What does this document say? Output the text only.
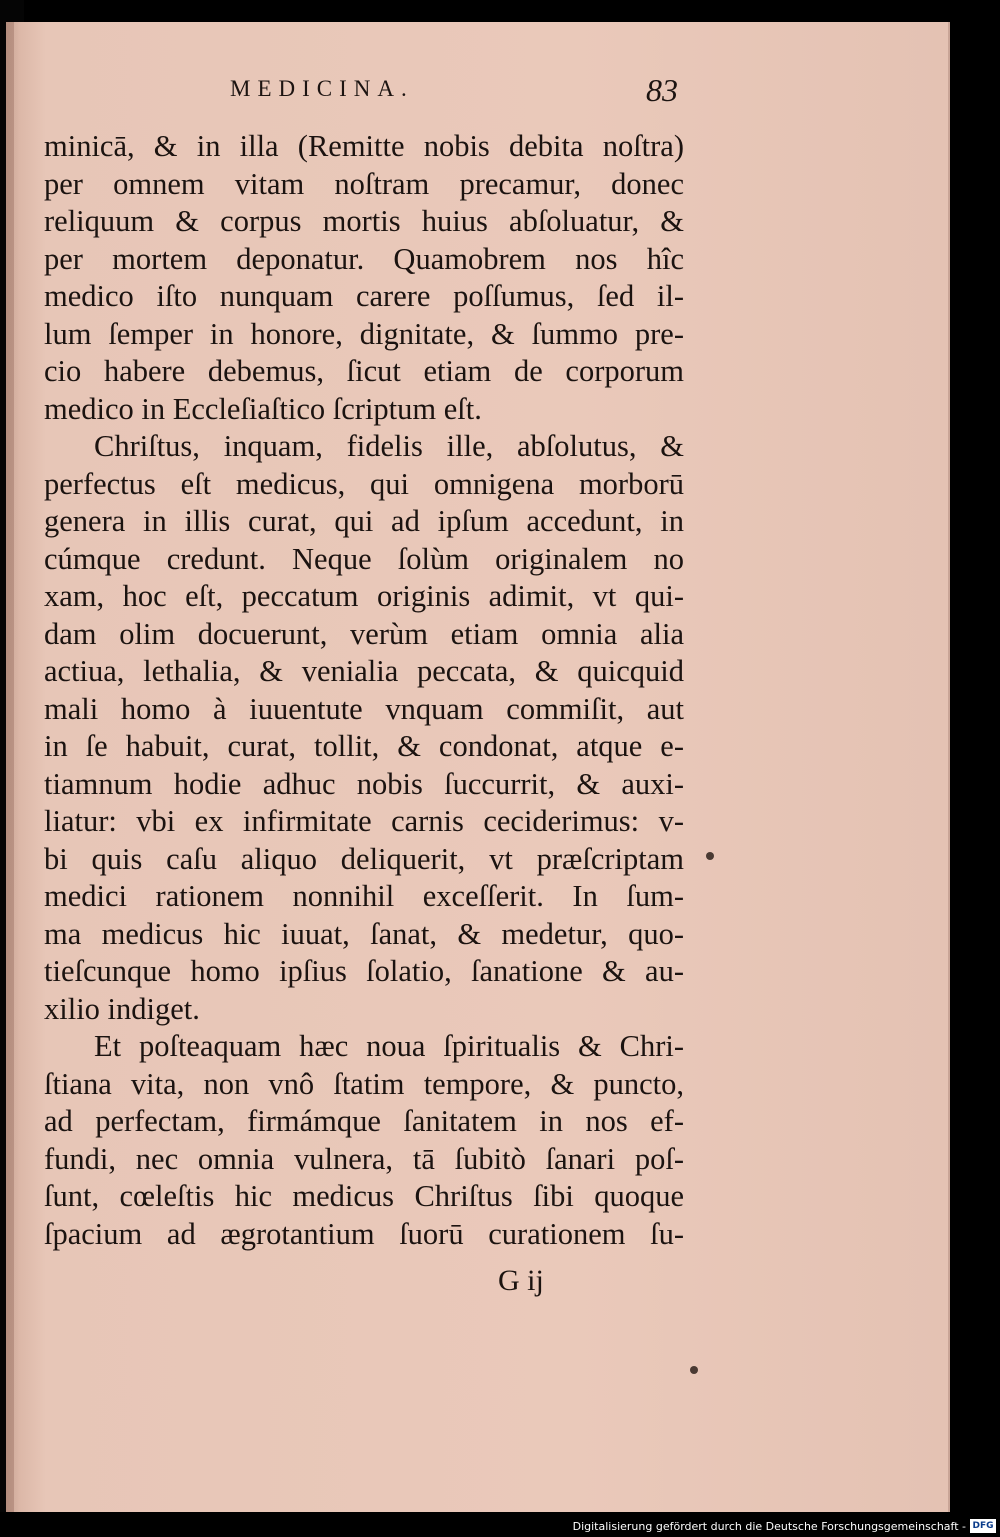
MEDICINA.	83
minicā, & in illa (Remitte nobis debita noſtra)
per omnem vitam noſtram precamur, donec
reliquum & corpus mortis huius abſoluatur, &
per mortem deponatur. Quamobrem nos hîc
medico iſto nunquam carere poſſumus, ſed il-
lum ſemper in honore, dignitate, & ſummo pre-
cio habere debemus, ſicut etiam de corporum
medico in Eccleſiaſtico ſcriptum eſt.
Chriſtus, inquam, fidelis ille, abſolutus, &
perfectus eſt medicus, qui omnigena morborū
genera in illis curat, qui ad ipſum accedunt, in
cúmque credunt. Neque ſolùm originalem no
xam, hoc eſt, peccatum originis adimit, vt qui-
dam olim docuerunt, verùm etiam omnia alia
actiua, lethalia, & venialia peccata, & quicquid
mali homo à iuuentute vnquam commiſit, aut
in ſe habuit, curat, tollit, & condonat, atque e-
tiamnum hodie adhuc nobis ſuccurrit, & auxi-
liatur: vbi ex infirmitate carnis ceciderimus: v-
bi quis caſu aliquo deliquerit, vt præſcriptam
medici rationem nonnihil exceſſerit. In ſum-
ma medicus hic iuuat, ſanat, & medetur, quo-
tieſcunque homo ipſius ſolatio, ſanatione & au-
xilio indiget.
Et poſteaquam hæc noua ſpiritualis & Chri-
ſtiana vita, non vnô ſtatim tempore, & puncto,
ad perfectam, firmámque ſanitatem in nos ef-
fundi, nec omnia vulnera, tā ſubitò ſanari poſ-
ſunt, cœleſtis hic medicus Chriſtus ſibi quoque
ſpacium ad ægrotantium ſuorū curationem ſu-
G ij
Digitalisierung gefördert durch die Deutsche Forschungsgemeinschaft - DFG
